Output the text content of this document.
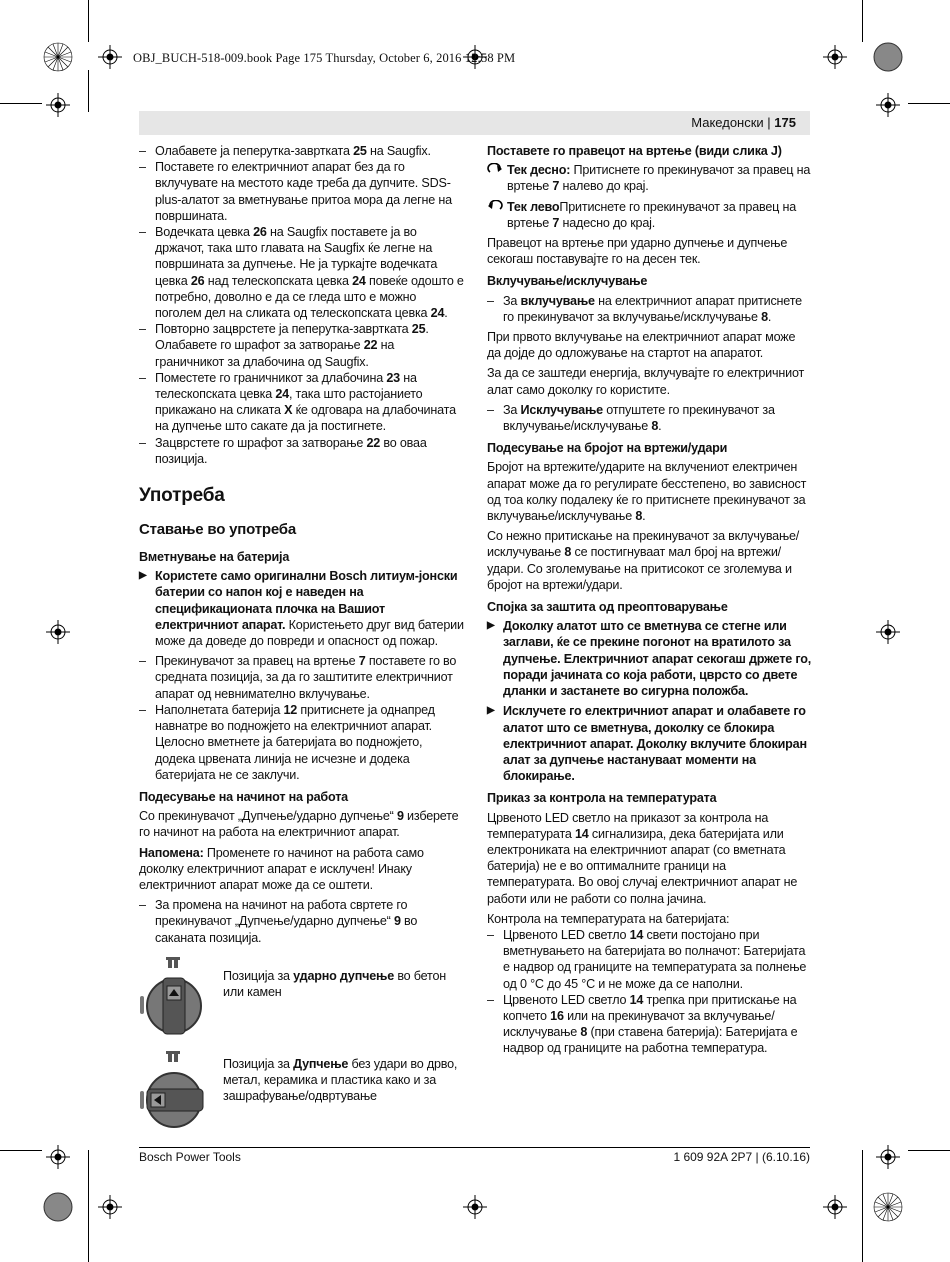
OBJ_BUCH-518-009.book Page 175 Thursday, October 6, 2016 12:58 PM
Македонски | 175
– Олабавете ја пеперутка-завртката 25 на Saugfix.
– Поставете го електричниот апарат без да го вклучувате на местото каде треба да дупчите. SDS-plus-алатот за вметнување притоа мора да легне на површината.
– Водечката цевка 26 на Saugfix поставете ја во држачот, така што главата на Saugfix ќе легне на површината за дупчење. Не ја туркајте водечката цевка 26 над телескопската цевка 24 повеќе одошто е потребно, доволно е да се гледа што е можно поголем дел на сликата од телескопската цевка 24.
– Повторно зацврстете ја пеперутка-завртката 25. Олабавете го шрафот за затворање 22 на граничникот за длабочина од Saugfix.
– Поместете го граничникот за длабочина 23 на телескопската цевка 24, така што растојанието прикажано на сликата X ќе одговара на длабочината на дупчење што сакате да ја постигнете.
– Зацврстете го шрафот за затворање 22 во оваа позиција.
Употреба
Ставање во употреба
Вметнување на батерија
▶ Користете само оригинални Bosch литиум-јонски батерии со напон кој е наведен на спецификационата плочка на Вашиот електричниот апарат. Користењето друг вид батерии може да доведе до повреди и опасност од пожар.
– Прекинувачот за правец на вртење 7 поставете го во средната позиција, за да го заштитите електричниот апарат од невнимателно вклучување.
– Наполнетата батерија 12 притиснете ја однапред навнатре во подножјето на електричниот апарат. Целосно вметнете ја батеријата во подножјето, додека црвената линија не исчезне и додека батеријата не се заклучи.
Подесување на начинот на работа
Со прекинувачот „Дупчење/ударно дупчење“ 9 изберете го начинот на работа на електричниот апарат.
Напомена: Променете го начинот на работа само доколку електричниот апарат е исклучен! Инаку електричниот апарат може да се оштети.
– За промена на начинот на работа свртете го прекинувачот „Дупчење/ударно дупчење“ 9 во саканата позиција.
Позиција за ударно дупчење во бетон или камен
Позиција за Дупчење без удари во дрво, метал, керамика и пластика како и за зашрафување/одвртување
Поставете го правецот на вртење (види слика J)
Тек десно: Притиснете го прекинувачот за правец на вртење 7 налево до крај.
Тек левоПритиснете го прекинувачот за правец на вртење 7 надесно до крај.
Правецот на вртење при ударно дупчење и дупчење секогаш поставувајте го на десен тек.
Вклучување/исклучување
– За вклучување на електричниот апарат притиснете го прекинувачот за вклучување/исклучување 8.
При првото вклучување на електричниот апарат може да дојде до одложување на стартот на апаратот.
За да се заштеди енергија, вклучувајте го електричниот алат само доколку го користите.
– За Исклучување отпуштете го прекинувачот за вклучување/исклучување 8.
Подесување на бројот на вртежи/удари
Бројот на вртежите/ударите на вклучениот електричен апарат може да го регулирате бесстепено, во зависност од тоа колку подалеку ќе го притиснете прекинувачот за вклучување/исклучување 8.
Со нежно притискање на прекинувачот за вклучување/исклучување 8 се постигнуваат мал број на вртежи/удари. Со зголемување на притисокот се зголемува и бројот на вртежи/удари.
Спојка за заштита од преоптоварување
▶ Доколку алатот што се вметнува се стегне или заглави, ќе се прекине погонот на вратилото за дупчење. Електричниот апарат секогаш држете го, поради јачината со која работи, цврсто со двете дланки и застанете во сигурна положба.
▶ Исклучете го електричниот апарат и олабавете го алатот што се вметнува, доколку се блокира електричниот апарат. Доколку вклучите блокиран алат за дупчење настануваат моменти на блокирање.
Приказ за контрола на температурата
Црвеното LED светло на приказот за контрола на температурата 14 сигнализира, дека батеријата или електрониката на електричниот апарат (со вметната батерија) не е во оптималните граници на температурата. Во овој случај електричниот апарат не работи или не работи со полна јачина.
Контрола на температурата на батеријата:
– Црвеното LED светло 14 свети постојано при вметнувањето на батеријата во полначот: Батеријата е надвор од границите на температурата за полнење од 0 °C до 45 °C и не може да се наполни.
– Црвеното LED светло 14 трепка при притискање на копчето 16 или на прекинувачот за вклучување/исклучување 8 (при ставена батерија): Батеријата е надвор од границите на работна температура.
Bosch Power Tools	1 609 92A 2P7 | (6.10.16)
